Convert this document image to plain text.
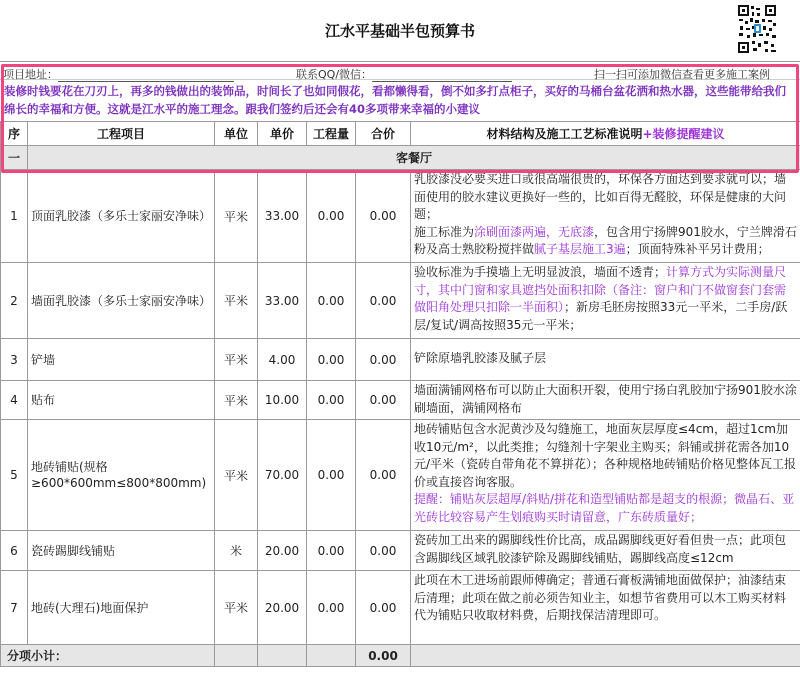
江水平基础半包预算书
项目地址：	联系QQ/微信：	扫一扫可添加微信查看更多施工案例
装修时钱要花在刀刃上，再多的钱做出的装饰品，时间长了也如同假花，看都懒得看，倒不如多打点柜子，买好的马桶台盆花洒和热水器，这些能带给我们绵长的幸福和方便。这就是江水平的施工理念。跟我们签约后还会有40多项带来幸福的小建议
序	工程项目	单位	单价	工程量	合价	材料结构及施工工艺标准说明+装修提醒建议
一	客餐厅					
1	顶面乳胶漆（多乐士家丽安净味）	平米	33.00	0.00	0.00	乳胶漆没必要买进口或很高端很贵的，环保各方面达到要求就可以；墙面使用的胶水建议更换好一些的，比如百得无醛胶，环保是健康的大问题；
施工标准为涂刷面漆两遍，无底漆，包含用宁扬牌901胶水，宁兰牌滑石粉及高士熟胶粉搅拌做腻子基层施工3遍；顶面特殊补平另计费用；
2	墙面乳胶漆（多乐士家丽安净味）	平米	33.00	0.00	0.00	验收标准为手摸墙上无明显波浪，墙面不透青；计算方式为实际测量尺寸，其中门窗和家具遮挡处面积扣除（备注：窗户和门不做窗套门套需做阳角处理只扣除一半面积）；新房毛胚房按照33元一平米，二手房/跃层/复试/调高按照35元一平米；
3	铲墙	平米	4.00	0.00	0.00	铲除原墙乳胶漆及腻子层
4	贴布	平米	10.00	0.00	0.00	墙面满铺网格布可以防止大面积开裂，使用宁扬白乳胶加宁扬901胶水涂刷墙面，满铺网格布
5	地砖铺贴(规格≥600*600mm≤800*800mm)	平米	70.00	0.00	0.00	地砖铺贴包含水泥黄沙及勾缝施工，地面灰层厚度≤4cm，超过1cm加收10元/m²，以此类推；勾缝剂十字架业主购买；斜铺或拼花需各加10元/平米（瓷砖自带角花不算拼花）；各种规格地砖铺贴价格见整体瓦工报价或直接咨询客服。
提醒：铺贴灰层超厚/斜贴/拼花和造型铺贴都是超支的根源；微晶石、亚光砖比较容易产生划痕购买时请留意，广东砖质量好；
6	瓷砖踢脚线铺贴	米	20.00	0.00	0.00	瓷砖加工出来的踢脚线性价比高，成品踢脚线更好看但贵一点；此项包含踢脚线区域乳胶漆铲除及踢脚线铺贴，踢脚线高度≤12cm
7	地砖(大理石)地面保护	平米	20.00	0.00	0.00	此项在木工进场前跟师傅确定；普通石膏板满铺地面做保护；油漆结束后清理；此项在做之前必须告知业主，如想节省费用可以木工购买材料代为铺贴只收取材料费，后期找保洁清理即可。
分项小计：					0.00	
